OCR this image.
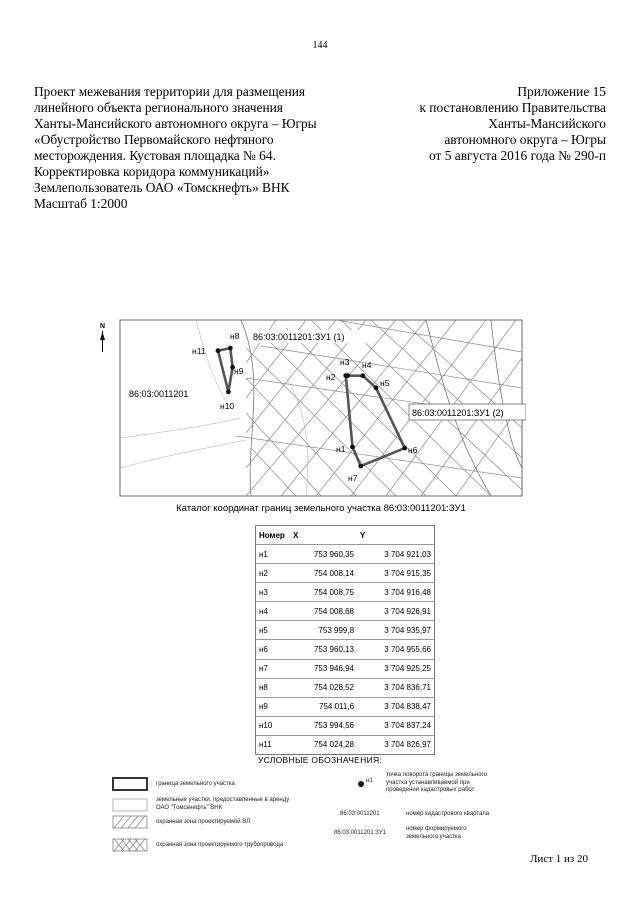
144
Проект межевания территории для размещения
линейного объекта регионального значения
Ханты-Мансийского автономного округа – Югры
«Обустройство Первомайского нефтяного
месторождения. Кустовая площадка № 64.
Корректировка коридора коммуникаций»
Землепользователь ОАО «Томскнефть» ВНК
Масштаб 1:2000
Приложение 15
к постановлению Правительства
Ханты-Мансийского
автономного округа – Югры
от 5 августа 2016 года № 290-п
N
н1
н2
н3 н4
н5
н6
н7
н8
н9
н10
н11
86:03:0011201:ЗУ1 (1)
86:03:0011201
86:03:0011201:ЗУ1 (2)
Каталог координат границ земельного участка 86:03:0011201:ЗУ1
Номер	X	Y
н1	753 960,35	3 704 921,03
н2	754 008,14	3 704 915,35
н3	754 008,75	3 704 916,48
н4	754 008,68	3 704 926,91
н5	753 999,8	3 704 935,97
н6	753 960,13	3 704 955,66
н7	753 946,94	3 704 925,25
н8	754 028,52	3 704 836,71
н9	754 011,6	3 704 838,47
н10	753 994,56	3 704 837,24
н11	754 024,28	3 704 826,97
УСЛОВНЫЕ ОБОЗНАЧЕНИЯ:
граница земельного участка
земельные участки, предоставленные в аренду
ОАО "Томскнефть" ВНК
охранная зона проектируемой ВЛ
охранная зона проектируемого трубопровода
н1
точка поворота границы земельного
участка устанавливаемой при
проведении кадастровых работ
86:03:0011201	номер кадастрового квартала
86:03:0011201:ЗУ1
номер формируемого
земельного участка
Лист 1 из 20
